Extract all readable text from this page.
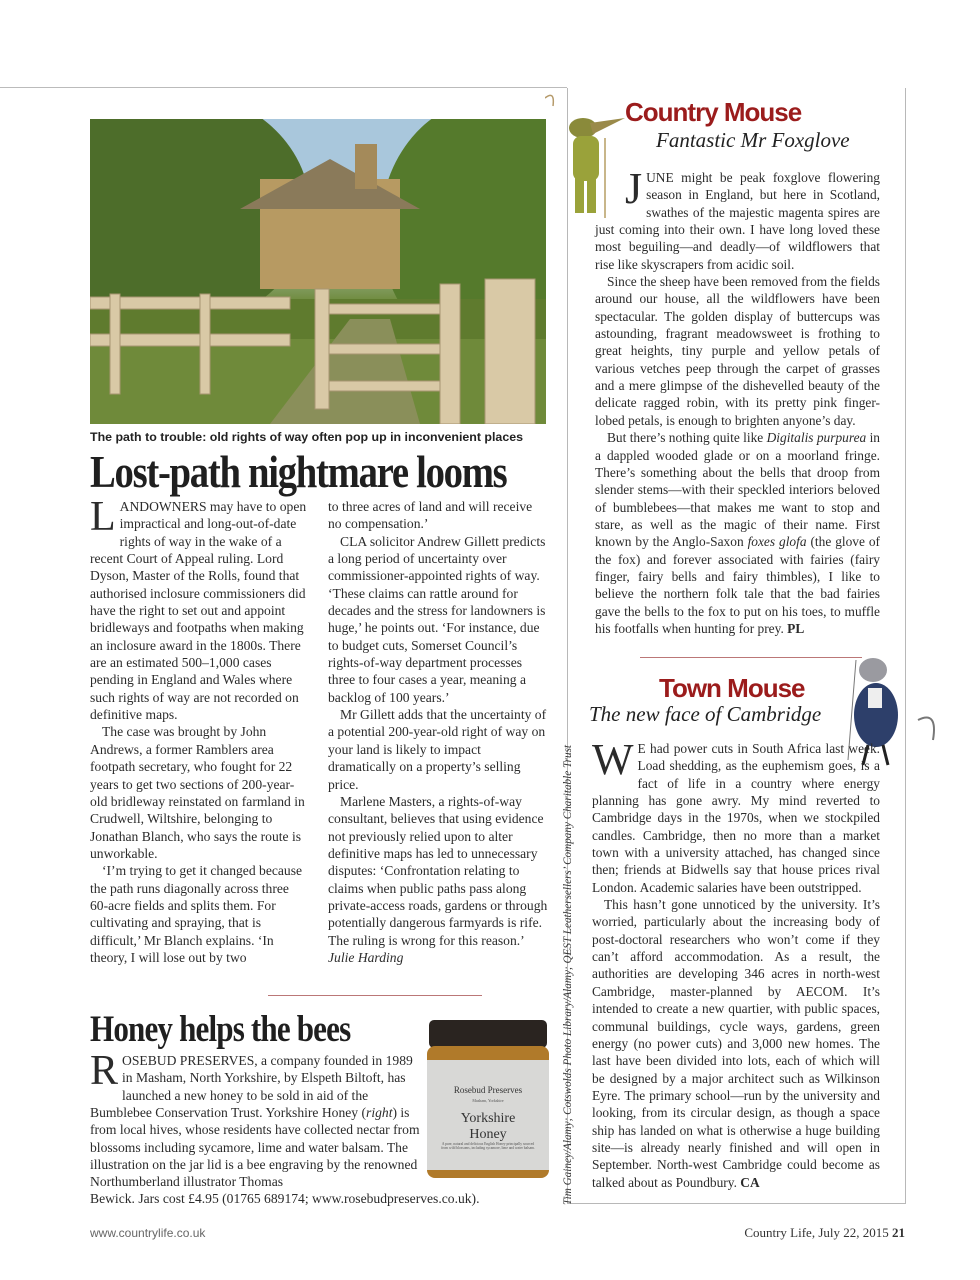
The path to trouble: old rights of way often pop up in inconvenient places
Lost-path nightmare looms

LANDOWNERS may have to open impractical and long-out-of-date rights of way in the wake of a recent Court of Appeal ruling. Lord Dyson, Master of the Rolls, found that authorised inclosure commissioners did have the right to set out and appoint bridleways and footpaths when making an inclosure award in the 1800s. There are an estimated 500–1,000 cases pending in England and Wales where such rights of way are not recorded on definitive maps.

The case was brought by John Andrews, a former Ramblers area footpath secretary, who fought for 22 years to get two sections of 200-year-old bridleway reinstated on farmland in Crudwell, Wiltshire, belonging to Jonathan Blanch, who says the route is unworkable.

‘I’m trying to get it changed because the path runs diagonally across three 60-acre fields and splits them. For cultivating and spraying, that is difficult,’ Mr Blanch explains. ‘In theory, I will lose out by two

to three acres of land and will receive no compensation.’

CLA solicitor Andrew Gillett predicts a long period of uncertainty over commissioner-appointed rights of way. ‘These claims can rattle around for decades and the stress for landowners is huge,’ he points out. ‘For instance, due to budget cuts, Somerset Council’s rights-of-way department processes three to four cases a year, meaning a backlog of 100 years.’

Mr Gillett adds that the uncertainty of a potential 200-year-old right of way on your land is likely to impact dramatically on a property’s selling price.

Marlene Masters, a rights-of-way consultant, believes that using evidence not previously relied upon to alter definitive maps has led to unnecessary disputes: ‘Confrontation relating to claims when public paths pass along private-access roads, gardens or through potentially dangerous farmyards is rife. The ruling is wrong for this reason.’ Julie Harding

Honey helps the bees

ROSEBUD PRESERVES, a company founded in 1989 in Masham, North Yorkshire, by Elspeth Biltoft, has launched a new honey to be sold in aid of the Bumblebee Conservation Trust. Yorkshire Honey (right) is from local hives, whose residents have collected nectar from blossoms including sycamore, lime and water balsam. The illustration on the jar lid is a bee engraving by the renowned Northumberland illustrator Thomas

Bewick. Jars cost £4.95 (01765 689174; www.rosebudpreserves.co.uk).
Rosebud Preserves
Masham, Yorkshire
Yorkshire
Honey
A pure, natural and delicious English Honey principally sourced from wild blossoms, including sycamore, lime and water balsam. Tim Gainey/Alamy; Cotswolds Photo Library/Alamy; QEST Leathersellers’ Company Charitable Trust
Country Mouse
Fantastic Mr Foxglove

JUNE might be peak foxglove flowering season in England, but here in Scotland, swathes of the majestic magenta spires are just coming into their own. I have long loved these most beguiling—and deadly—of wildflowers that rise like skyscrapers from acidic soil.

Since the sheep have been removed from the fields around our house, all the wildflowers have been spectacular. The golden display of buttercups was astounding, fragrant meadowsweet is frothing to great heights, tiny purple and yellow petals of various vetches peep through the carpet of grasses and a mere glimpse of the dishevelled beauty of the delicate ragged robin, with its pretty pink finger-lobed petals, is enough to brighten anyone’s day.

But there’s nothing quite like Digitalis purpurea in a dappled wooded glade or on a moorland fringe. There’s something about the bells that droop from slender stems—with their speckled interiors beloved of bumblebees—that makes me want to stop and stare, as well as the magic of their name. First known by the Anglo-Saxon foxes glofa (the glove of the fox) and forever associated with fairies (fairy finger, fairy bells and fairy thimbles), I like to believe the northern folk tale that the bad fairies gave the bells to the fox to put on his toes, to muffle his footfalls when hunting for prey. PL

Town Mouse
The new face of Cambridge

W E had power cuts in South Africa last week. Load shedding, as the euphemism goes, is a fact of life in a country where energy planning has gone awry. My mind reverted to Cambridge days in the 1970s, when we stockpiled candles. Cambridge, then no more than a market town with a university attached, has changed since then; friends at Bidwells say that house prices rival London. Academic salaries have been outstripped.

This hasn’t gone unnoticed by the university. It’s worried, particularly about the increasing body of post-doctoral researchers who won’t come if they can’t afford accommodation. As a result, the authorities are developing 346 acres in north-west Cambridge, master-planned by AECOM. It’s intended to create a new quartier, with public spaces, communal buildings, cycle ways, gardens, green energy (no power cuts) and 3,000 new homes. The last have been divided into lots, each of which will be designed by a major architect such as Wilkinson Eyre. The primary school—run by the university and looking, from its circular design, as though a space ship has landed on what is otherwise a huge building site—is already nearly finished and will open in September. North-west Cambridge could become as talked about as Poundbury. CA

www.countrylife.co.uk	Country Life, July 22, 2015 21
